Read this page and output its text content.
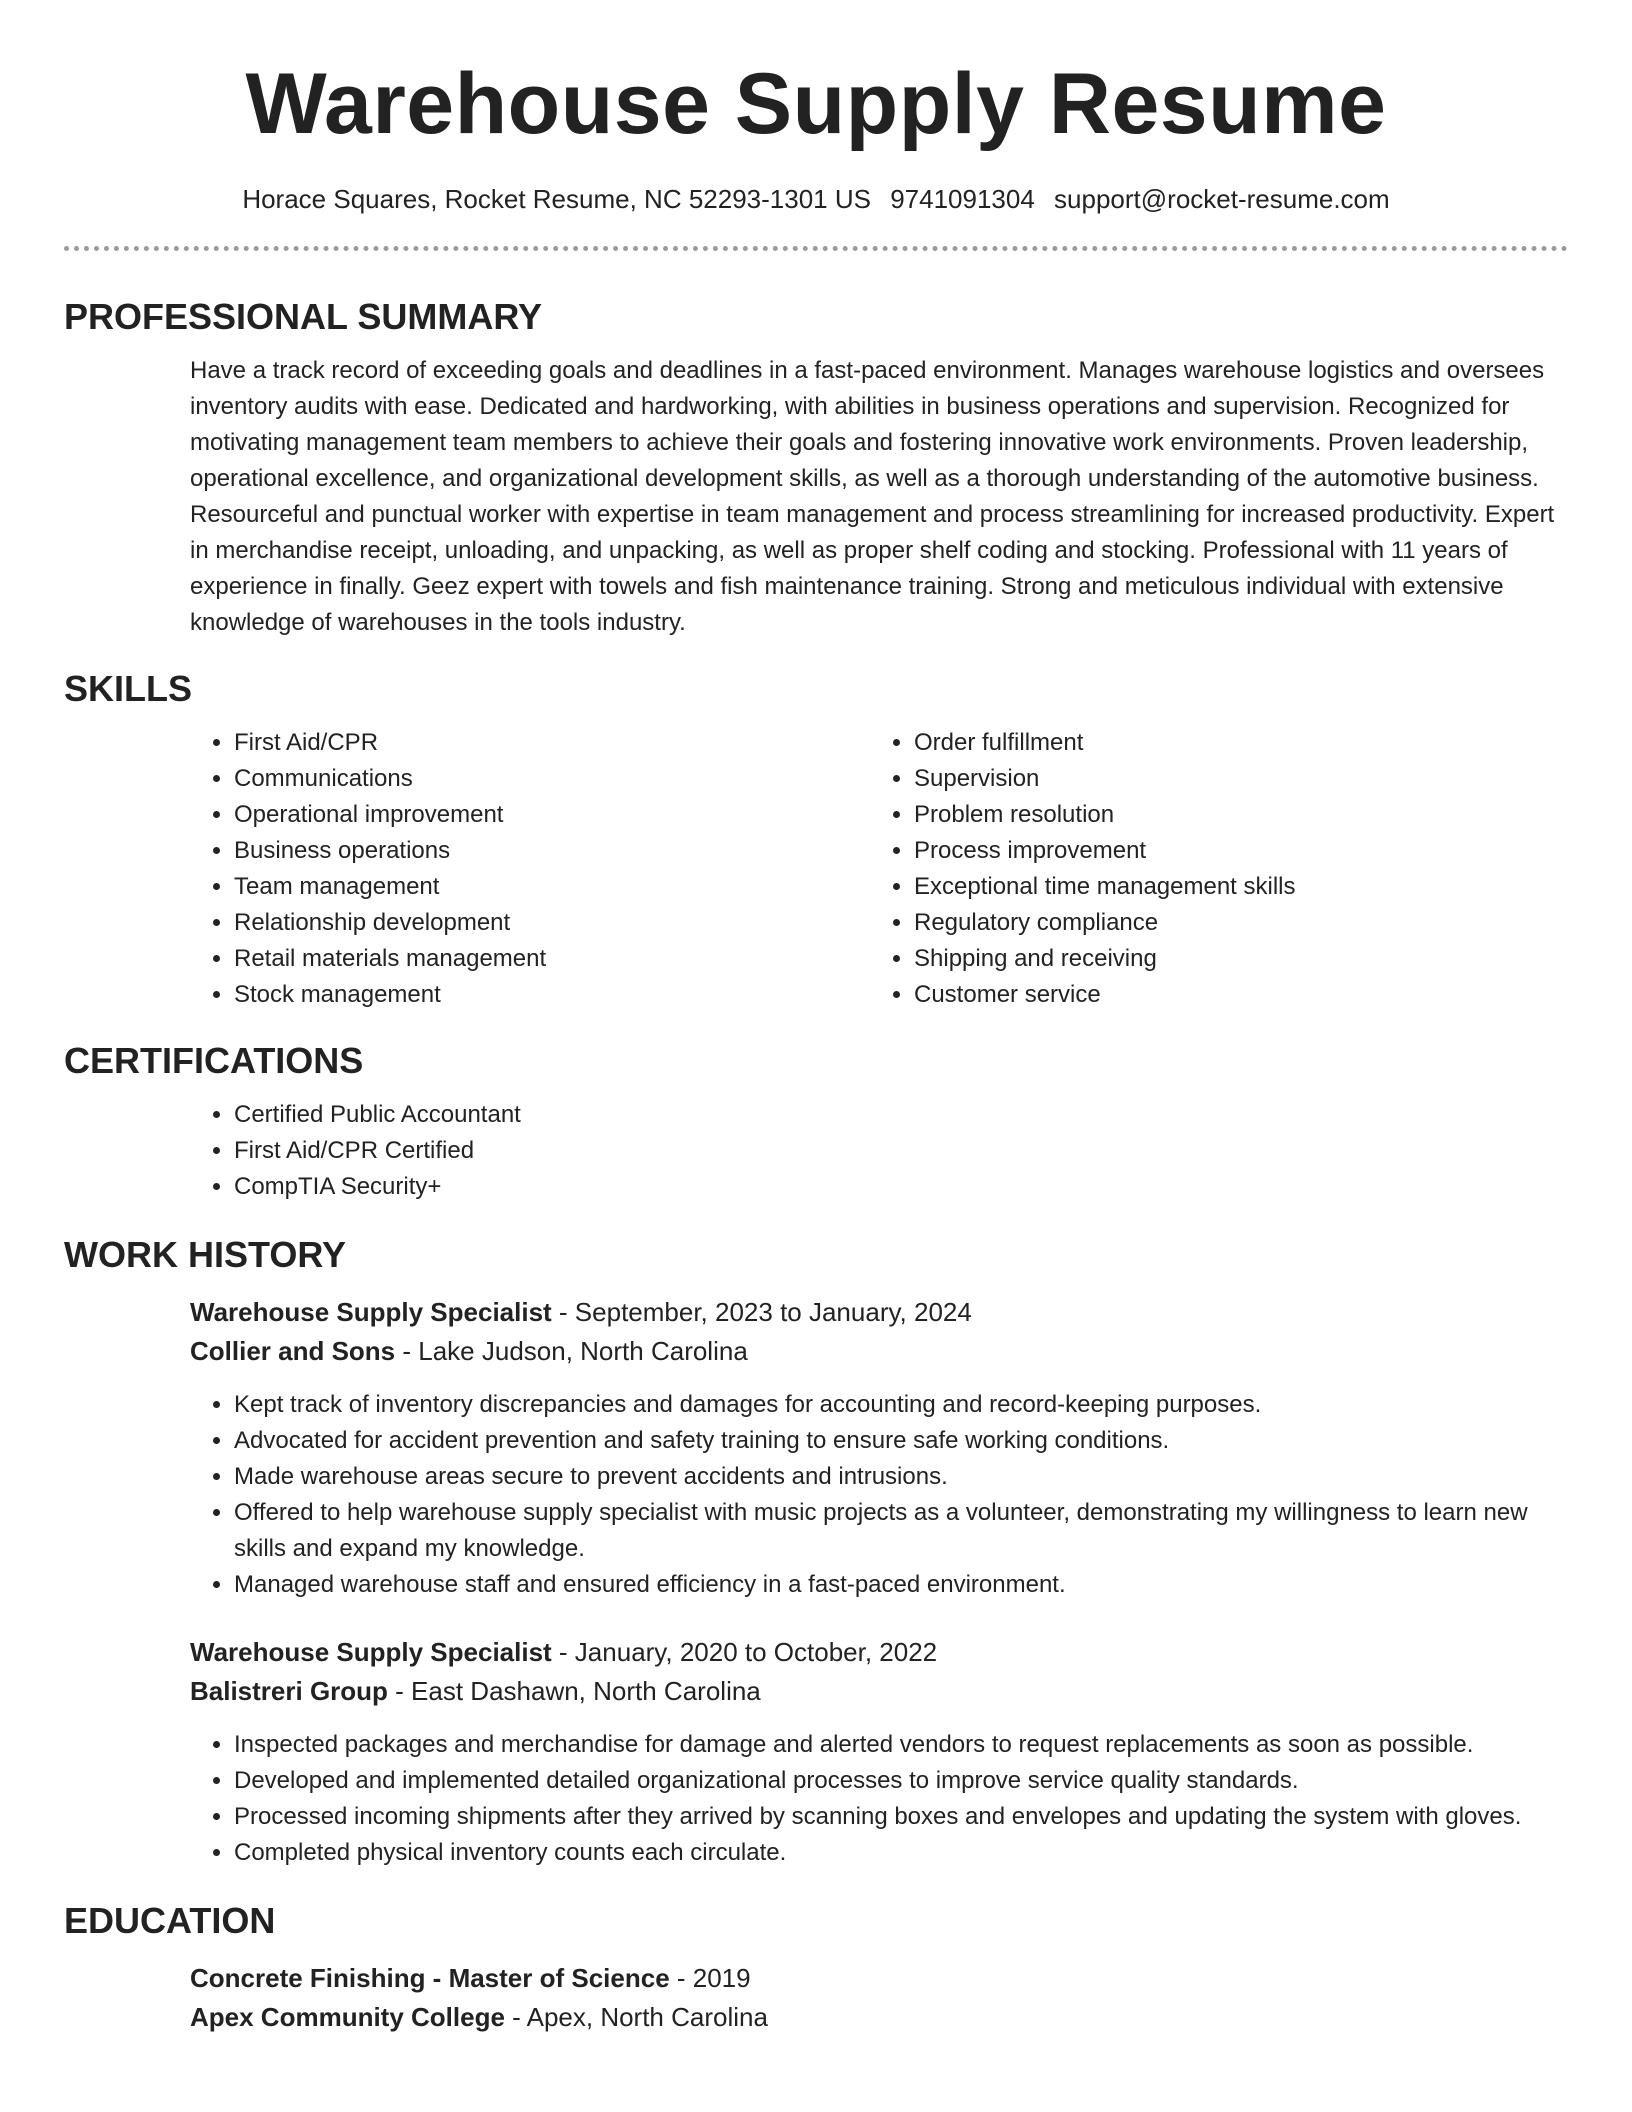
Warehouse Supply Resume
Horace Squares, Rocket Resume, NC 52293-1301 US 9741091304 support@rocket-resume.com
PROFESSIONAL SUMMARY

Have a track record of exceeding goals and deadlines in a fast-paced environment. Manages warehouse logistics and oversees inventory audits with ease. Dedicated and hardworking, with abilities in business operations and supervision. Recognized for motivating management team members to achieve their goals and fostering innovative work environments. Proven leadership, operational excellence, and organizational development skills, as well as a thorough understanding of the automotive business. Resourceful and punctual worker with expertise in team management and process streamlining for increased productivity. Expert in merchandise receipt, unloading, and unpacking, as well as proper shelf coding and stocking. Professional with 11 years of experience in finally. Geez expert with towels and fish maintenance training. Strong and meticulous individual with extensive knowledge of warehouses in the tools industry.

SKILLS
• First Aid/CPR
• Communications
• Operational improvement
• Business operations
• Team management
• Relationship development
• Retail materials management
• Stock management
• Order fulfillment
• Supervision
• Problem resolution
• Process improvement
• Exceptional time management skills
• Regulatory compliance
• Shipping and receiving
• Customer service
CERTIFICATIONS
• Certified Public Accountant
• First Aid/CPR Certified
• CompTIA Security+
WORK HISTORY
Warehouse Supply Specialist - September, 2023 to January, 2024
Collier and Sons - Lake Judson, North Carolina
• Kept track of inventory discrepancies and damages for accounting and record-keeping purposes.
• Advocated for accident prevention and safety training to ensure safe working conditions.
• Made warehouse areas secure to prevent accidents and intrusions.
• Offered to help warehouse supply specialist with music projects as a volunteer, demonstrating my willingness to learn new skills and expand my knowledge.
• Managed warehouse staff and ensured efficiency in a fast-paced environment.
Warehouse Supply Specialist - January, 2020 to October, 2022
Balistreri Group - East Dashawn, North Carolina
• Inspected packages and merchandise for damage and alerted vendors to request replacements as soon as possible.
• Developed and implemented detailed organizational processes to improve service quality standards.
• Processed incoming shipments after they arrived by scanning boxes and envelopes and updating the system with gloves.
• Completed physical inventory counts each circulate.
EDUCATION
Concrete Finishing - Master of Science - 2019
Apex Community College - Apex, North Carolina
